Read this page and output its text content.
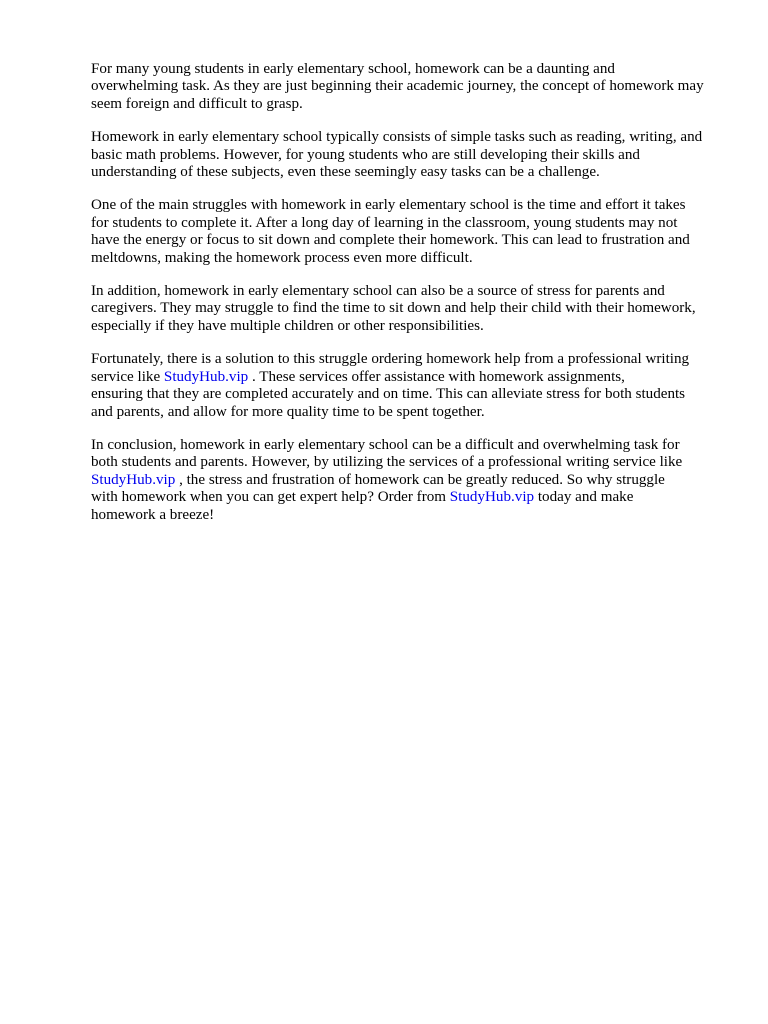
For many young students in early elementary school, homework can be a daunting and
overwhelming task. As they are just beginning their academic journey, the concept of homework may
seem foreign and difficult to grasp.

Homework in early elementary school typically consists of simple tasks such as reading, writing, and
basic math problems. However, for young students who are still developing their skills and
understanding of these subjects, even these seemingly easy tasks can be a challenge.

One of the main struggles with homework in early elementary school is the time and effort it takes
for students to complete it. After a long day of learning in the classroom, young students may not
have the energy or focus to sit down and complete their homework. This can lead to frustration and
meltdowns, making the homework process even more difficult.

In addition, homework in early elementary school can also be a source of stress for parents and
caregivers. They may struggle to find the time to sit down and help their child with their homework,
especially if they have multiple children or other responsibilities.

Fortunately, there is a solution to this struggle ordering homework help from a professional writing
service like StudyHub.vip . These services offer assistance with homework assignments,
ensuring that they are completed accurately and on time. This can alleviate stress for both students
and parents, and allow for more quality time to be spent together.

In conclusion, homework in early elementary school can be a difficult and overwhelming task for
both students and parents. However, by utilizing the services of a professional writing service like
StudyHub.vip , the stress and frustration of homework can be greatly reduced. So why struggle
with homework when you can get expert help? Order from StudyHub.vip today and make
homework a breeze!
